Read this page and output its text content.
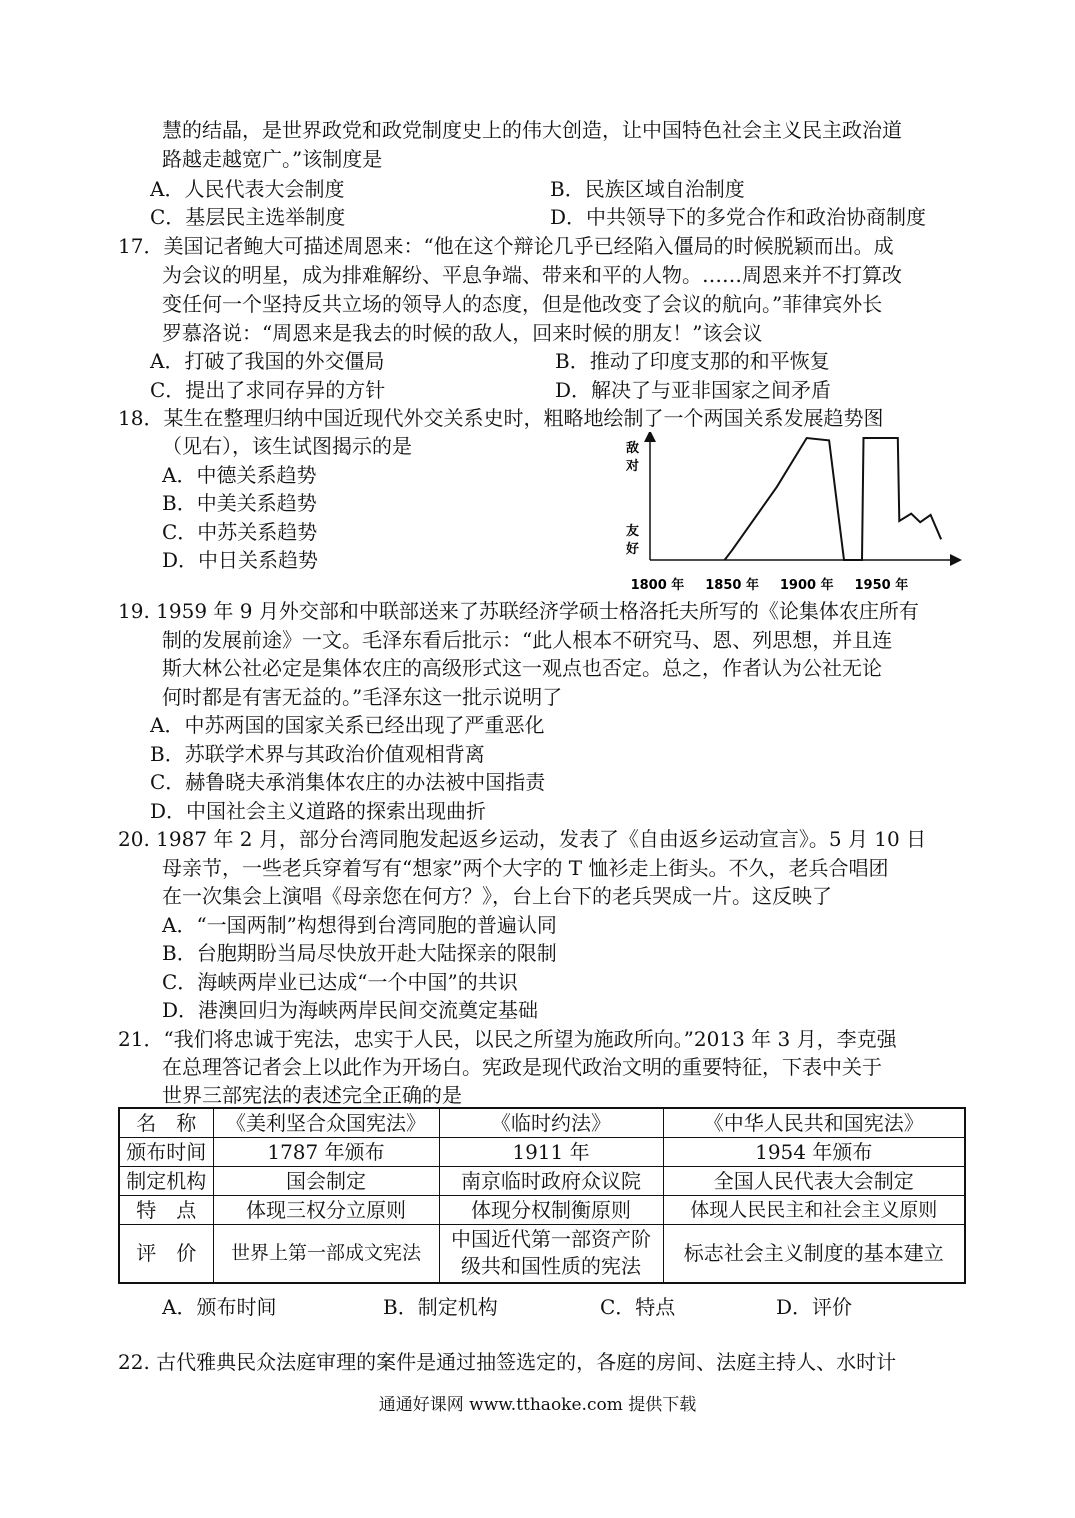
慧的结晶，是世界政党和政党制度史上的伟大创造，让中国特色社会主义民主政治道
路越走越宽广。”该制度是
A．人民代表大会制度	B．民族区域自治制度
C．基层民主选举制度	D．中共领导下的多党合作和政治协商制度
17．美国记者鲍大可描述周恩来：“他在这个辩论几乎已经陷入僵局的时候脱颖而出。成
为会议的明星，成为排难解纷、平息争端、带来和平的人物。……周恩来并不打算改
变任何一个坚持反共立场的领导人的态度，但是他改变了会议的航向。”菲律宾外长
罗慕洛说：“周恩来是我去的时候的敌人，回来时候的朋友！”该会议
A．打破了我国的外交僵局	B．推动了印度支那的和平恢复
C．提出了求同存异的方针	D．解决了与亚非国家之间矛盾
18．某生在整理归纳中国近现代外交关系史时，粗略地绘制了一个两国关系发展趋势图
（见右），该生试图揭示的是
A．中德关系趋势
B．中美关系趋势
C．中苏关系趋势
D．中日关系趋势
敌
对
友
好
1800 年 1850 年 1900 年 1950 年
19. 1959 年 9 月外交部和中联部送来了苏联经济学硕士格洛托夫所写的《论集体农庄所有
制的发展前途》一文。毛泽东看后批示：“此人根本不研究马、恩、列思想，并且连
斯大林公社必定是集体农庄的高级形式这一观点也否定。总之，作者认为公社无论
何时都是有害无益的。”毛泽东这一批示说明了
A．中苏两国的国家关系已经出现了严重恶化
B．苏联学术界与其政治价值观相背离
C．赫鲁晓夫承消集体农庄的办法被中国指责
D．中国社会主义道路的探索出现曲折
20. 1987 年 2 月，部分台湾同胞发起返乡运动，发表了《自由返乡运动宣言》。5 月 10 日
母亲节，一些老兵穿着写有“想家”两个大字的 T 恤衫走上街头。不久，老兵合唱团
在一次集会上演唱《母亲您在何方？》，台上台下的老兵哭成一片。这反映了
A．“一国两制”构想得到台湾同胞的普遍认同
B．台胞期盼当局尽快放开赴大陆探亲的限制
C．海峡两岸业已达成“一个中国”的共识
D．港澳回归为海峡两岸民间交流奠定基础
21．“我们将忠诚于宪法，忠实于人民，以民之所望为施政所向。”2013 年 3 月，李克强
在总理答记者会上以此作为开场白。宪政是现代政治文明的重要特征，下表中关于
世界三部宪法的表述完全正确的是
名　称	《美利坚合众国宪法》	《临时约法》	《中华人民共和国宪法》
颁布时间	1787 年颁布	1911 年	1954 年颁布
制定机构	国会制定	南京临时政府众议院	全国人民代表大会制定
特　点	体现三权分立原则	体现分权制衡原则	体现人民民主和社会主义原则
评　价	世界上第一部成文宪法	中国近代第一部资产阶级共和国性质的宪法	标志社会主义制度的基本建立
A．颁布时间	B．制定机构	C．特点	D．评价
22. 古代雅典民众法庭审理的案件是通过抽签选定的，各庭的房间、法庭主持人、水时计
通通好课网 www.tthaoke.com 提供下载
